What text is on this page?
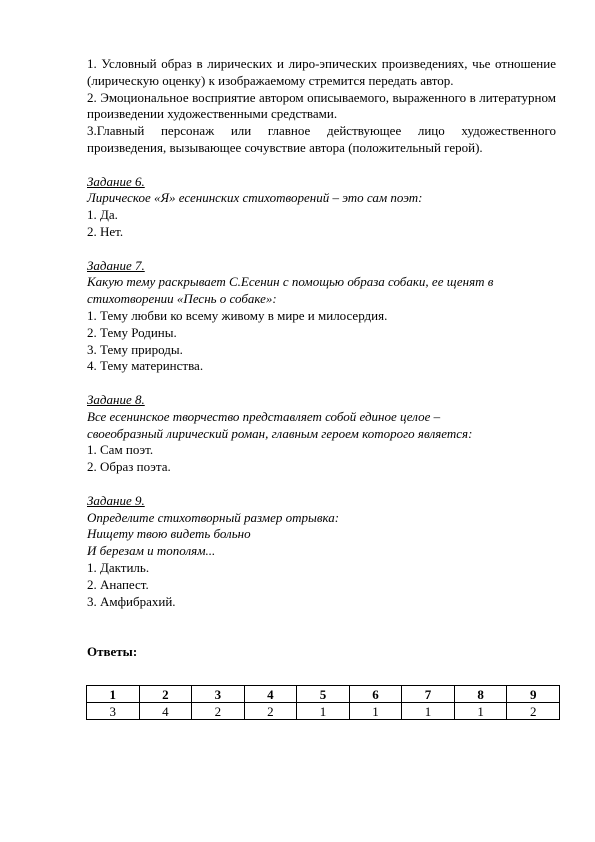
1. Условный образ в лирических и лиро-эпических произведениях, чье отношение (лирическую оценку) к изображаемому стремится передать автор.

2. Эмоциональное восприятие автором описываемого, выраженного в литературном произведении художественными средствами.

3.Главный персонаж или главное действующее лицо художественного произведения, вызывающее сочувствие автора (положительный герой).

Задание 6.

Лирическое «Я» есенинских стихотворений – это сам поэт:

1. Да.

2. Нет.

Задание 7.

Какую тему раскрывает С.Есенин с помощью образа собаки, ее щенят в

стихотворении «Песнь о собаке»:

1. Тему любви ко всему живому в мире и милосердия.

2. Тему Родины.

3. Тему природы.

4. Тему материнства.

Задание 8.

Все есенинское творчество представляет собой единое целое –

своеобразный лирический роман, главным героем которого является:

1. Сам поэт.

2. Образ поэта.

Задание 9.

Определите стихотворный размер отрывка:

Нищету твою видеть больно

И березам и тополям...

1. Дактиль.

2. Анапест.

3. Амфибрахий.

Ответы:

1	2	3	4	5	6	7	8	9
3	4	2	2	1	1	1	1	2
